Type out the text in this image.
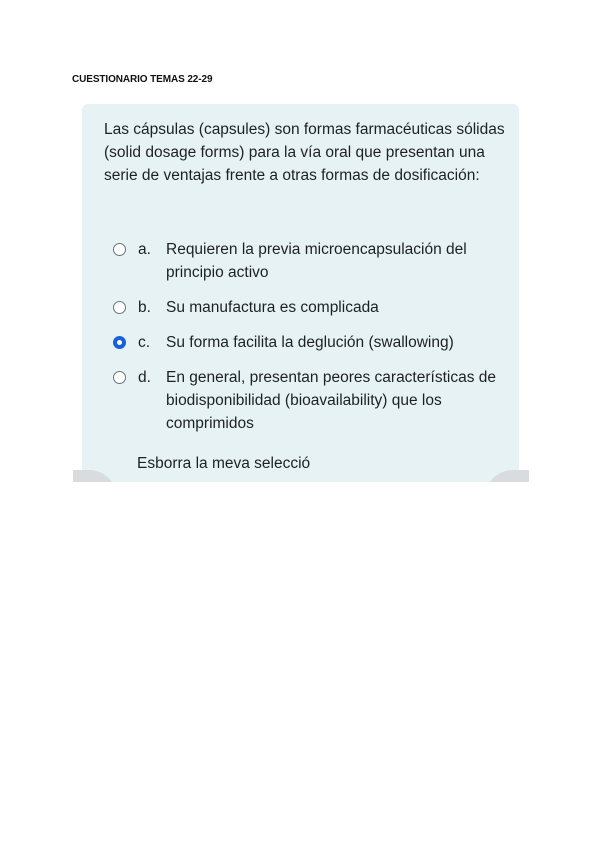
CUESTIONARIO TEMAS 22-29

Las cápsulas (capsules) son formas farmacéuticas sólidas (solid dosage forms) para la vía oral que presentan una serie de ventajas frente a otras formas de dosificación:

a. Requieren la previa microencapsulación del principio activo
b. Su manufactura es complicada
c.	Su forma facilita la deglución (swallowing)
d. En general, presentan peores características de biodisponibilidad (bioavailability) que los comprimidos
Esborra la meva selecció
